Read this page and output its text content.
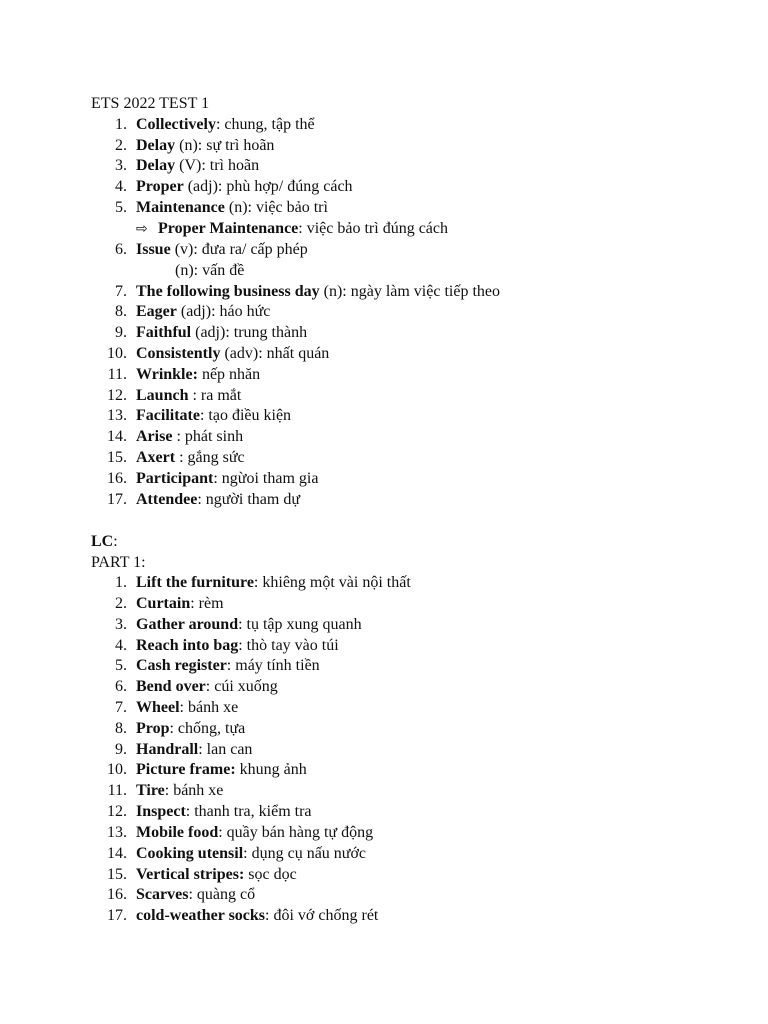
ETS 2022 TEST 1
1. Collectively: chung, tập thể
2. Delay (n): sự trì hoãn
3. Delay (V): trì hoãn
4. Proper (adj): phù hợp/ đúng cách
5. Maintenance (n): việc bảo trì
⇨ Proper Maintenance: việc bảo trì đúng cách
6. Issue (v): đưa ra/ cấp phép
(n): vấn đề
7. The following business day (n): ngày làm việc tiếp theo
8. Eager (adj): háo hức
9. Faithful (adj): trung thành
10. Consistently (adv): nhất quán
11. Wrinkle: nếp nhăn
12. Launch : ra mắt
13. Facilitate: tạo điều kiện
14. Arise : phát sinh
15. Axert : gắng sức
16. Participant: ngừoi tham gia
17. Attendee: người tham dự
LC:
PART 1:
1. Lift the furniture: khiêng một vài nội thất
2. Curtain: rèm
3. Gather around: tụ tập xung quanh
4. Reach into bag: thò tay vào túi
5. Cash register: máy tính tiền
6. Bend over: cúi xuống
7. Wheel: bánh xe
8. Prop: chống, tựa
9. Handrall: lan can
10. Picture frame: khung ảnh
11. Tire: bánh xe
12. Inspect: thanh tra, kiểm tra
13. Mobile food: quầy bán hàng tự động
14. Cooking utensil: dụng cụ nấu nước
15. Vertical stripes: sọc dọc
16. Scarves: quàng cổ
17. cold-weather socks: đôi vớ chống rét
